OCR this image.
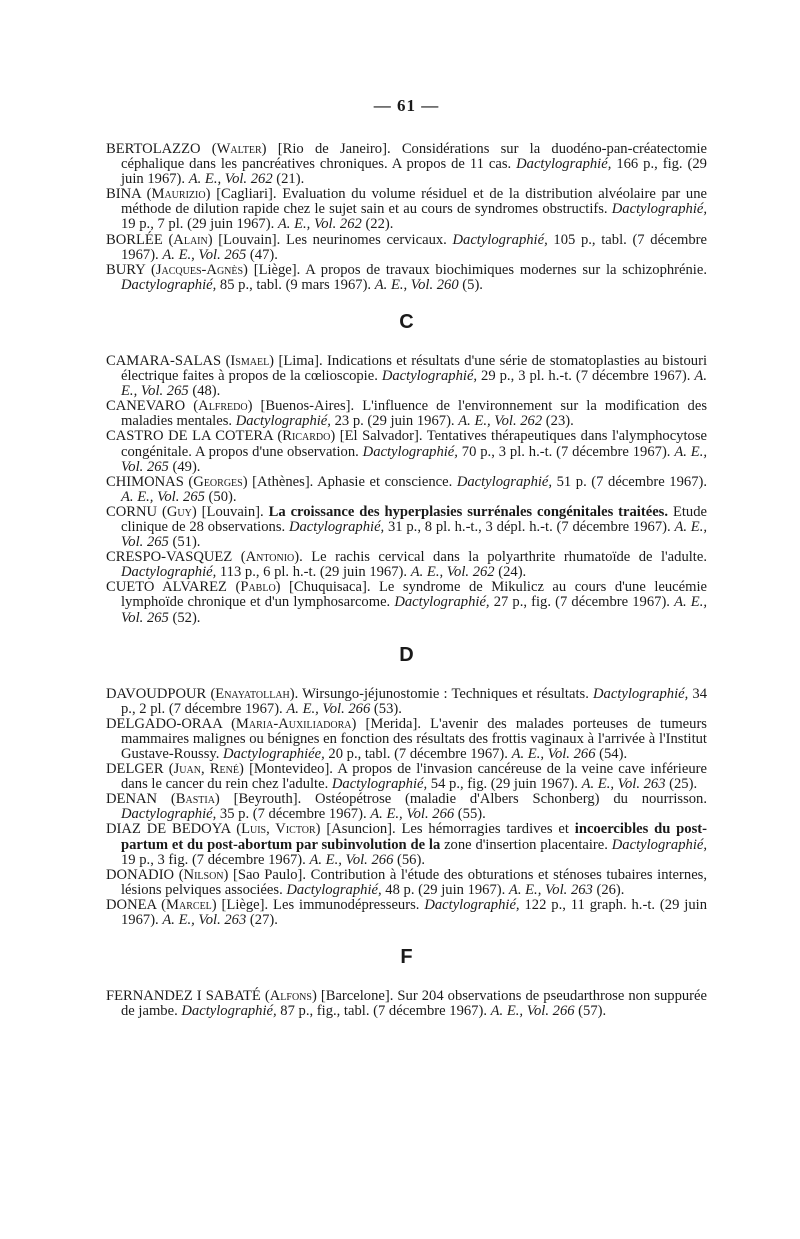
— 61 —

BERTOLAZZO (Walter) [Rio de Janeiro]. Considérations sur la duodéno-pan-créatectomie céphalique dans les pancréatives chroniques. A propos de 11 cas. Dactylographié, 166 p., fig. (29 juin 1967). A. E., Vol. 262 (21).

BINA (Maurizio) [Cagliari]. Evaluation du volume résiduel et de la distribution alvéolaire par une méthode de dilution rapide chez le sujet sain et au cours de syndromes obstructifs. Dactylographié, 19 p., 7 pl. (29 juin 1967). A. E., Vol. 262 (22).

BORLÉE (Alain) [Louvain]. Les neurinomes cervicaux. Dactylographié, 105 p., tabl. (7 décembre 1967). A. E., Vol. 265 (47).

BURY (Jacques-Agnès) [Liège]. A propos de travaux biochimiques modernes sur la schizophrénie. Dactylographié, 85 p., tabl. (9 mars 1967). A. E., Vol. 260 (5).

C

CAMARA-SALAS (Ismael) [Lima]. Indications et résultats d'une série de stomatoplasties au bistouri électrique faites à propos de la cœlioscopie. Dactylographié, 29 p., 3 pl. h.-t. (7 décembre 1967). A. E., Vol. 265 (48).

CANEVARO (Alfredo) [Buenos-Aires]. L'influence de l'environnement sur la modification des maladies mentales. Dactylographié, 23 p. (29 juin 1967). A. E., Vol. 262 (23).

CASTRO DE LA COTERA (Ricardo) [El Salvador]. Tentatives thérapeutiques dans l'alymphocytose congénitale. A propos d'une observation. Dactylographié, 70 p., 3 pl. h.-t. (7 décembre 1967). A. E., Vol. 265 (49).

CHIMONAS (Georges) [Athènes]. Aphasie et conscience. Dactylographié, 51 p. (7 décembre 1967). A. E., Vol. 265 (50).

CORNU (Guy) [Louvain]. La croissance des hyperplasies surrénales congénitales traitées. Etude clinique de 28 observations. Dactylographié, 31 p., 8 pl. h.-t., 3 dépl. h.-t. (7 décembre 1967). A. E., Vol. 265 (51).

CRESPO-VASQUEZ (Antonio). Le rachis cervical dans la polyarthrite rhumatoïde de l'adulte. Dactylographié, 113 p., 6 pl. h.-t. (29 juin 1967). A. E., Vol. 262 (24).

CUETO ALVAREZ (Pablo) [Chuquisaca]. Le syndrome de Mikulicz au cours d'une leucémie lymphoïde chronique et d'un lymphosarcome. Dactylographié, 27 p., fig. (7 décembre 1967). A. E., Vol. 265 (52).

D

DAVOUDPOUR (Enayatollah). Wirsungo-jéjunostomie : Techniques et résultats. Dactylographié, 34 p., 2 pl. (7 décembre 1967). A. E., Vol. 266 (53).

DELGADO-ORAA (Maria-Auxiliadora) [Merida]. L'avenir des malades porteuses de tumeurs mammaires malignes ou bénignes en fonction des résultats des frottis vaginaux à l'arrivée à l'Institut Gustave-Roussy. Dactylographiée, 20 p., tabl. (7 décembre 1967). A. E., Vol. 266 (54).

DELGER (Juan, René) [Montevideo]. A propos de l'invasion cancéreuse de la veine cave inférieure dans le cancer du rein chez l'adulte. Dactylographié, 54 p., fig. (29 juin 1967). A. E., Vol. 263 (25).

DENAN (Bastia) [Beyrouth]. Ostéopétrose (maladie d'Albers Schonberg) du nourrisson. Dactylographié, 35 p. (7 décembre 1967). A. E., Vol. 266 (55).

DIAZ DE BEDOYA (Luis, Victor) [Asuncion]. Les hémorragies tardives et incoercibles du post-partum et du post-abortum par subinvolution de la zone d'insertion placentaire. Dactylographié, 19 p., 3 fig. (7 décembre 1967). A. E., Vol. 266 (56).

DONADIO (Nilson) [Sao Paulo]. Contribution à l'étude des obturations et sténoses tubaires internes, lésions pelviques associées. Dactylographié, 48 p. (29 juin 1967). A. E., Vol. 263 (26).

DONEA (Marcel) [Liège]. Les immunodépresseurs. Dactylographié, 122 p., 11 graph. h.-t. (29 juin 1967). A. E., Vol. 263 (27).

F

FERNANDEZ I SABATÉ (Alfons) [Barcelone]. Sur 204 observations de pseudarthrose non suppurée de jambe. Dactylographié, 87 p., fig., tabl. (7 décembre 1967). A. E., Vol. 266 (57).
